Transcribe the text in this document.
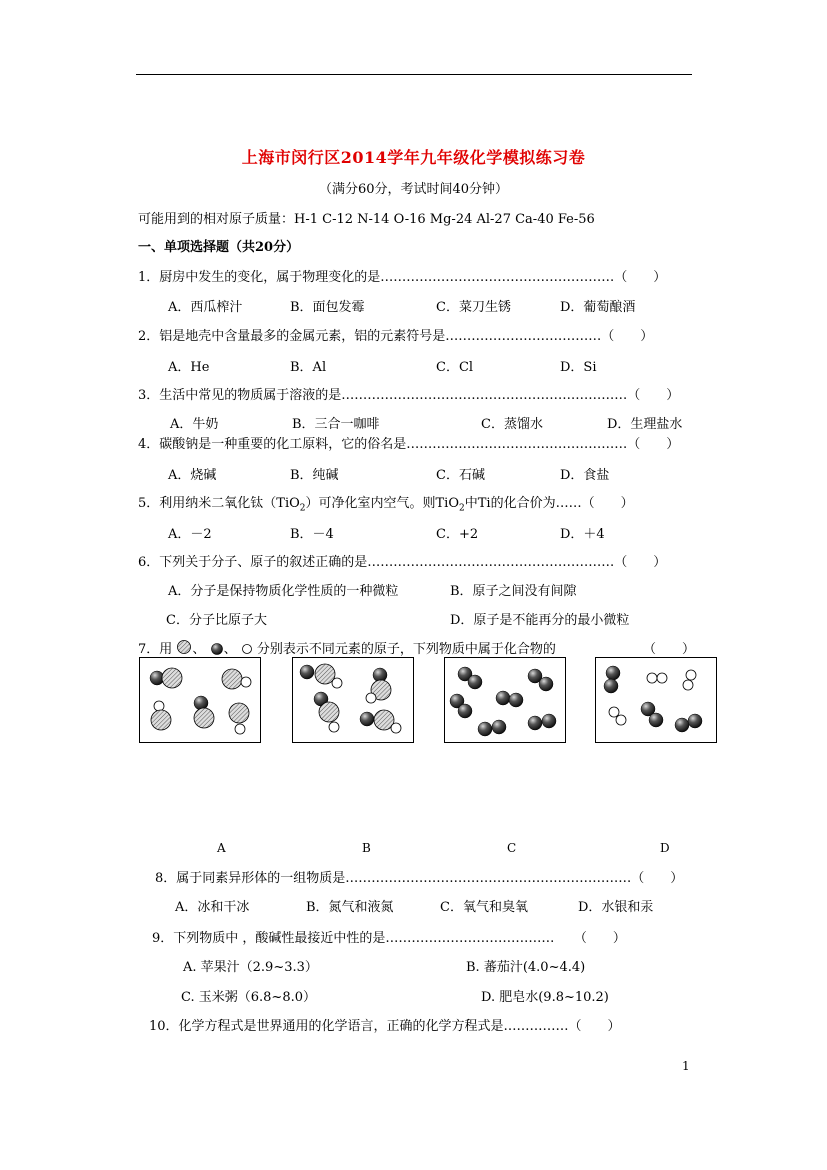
上海市闵行区2014学年九年级化学模拟练习卷
（满分60分，考试时间40分钟）
可能用到的相对原子质量：H-1 C-12 N-14 O-16 Mg-24 Al-27 Ca-40 Fe-56
一、单项选择题（共20分）
1．厨房中发生的变化，属于物理变化的是………………………………………………（　　）
A．西瓜榨汁	B．面包发霉	C．菜刀生锈	D．葡萄酿酒
2．铝是地壳中含量最多的金属元素，铝的元素符号是………………………………（　　）
A．He	B．Al	C．Cl	D．Si
3．生活中常见的物质属于溶液的是…………………………………………………………（　　）
A．牛奶	B．三合一咖啡	C．蒸馏水	D．生理盐水
4．碳酸钠是一种重要的化工原料，它的俗名是……………………………………………（　　）
A．烧碱	B．纯碱	C．石碱	D．食盐
5．利用纳米二氧化钛（TiO$_2$）可净化室内空气。则TiO$_2$中Ti的化合价为……（　　）
A．－2	B．－4	C．+2	D．＋4
6．下列关于分子、原子的叙述正确的是…………………………………………………（　　）
A．分子是保持物质化学性质的一种微粒	B．原子之间没有间隙
C．分子比原子大	D．原子是不能再分的最小微粒
7．用 、 、 分别表示不同元素的原子，下列物质中属于化合物的	（　　）
A	B	C	D
8．属于同素异形体的一组物质是…………………………………………………………（　　）
A．冰和干冰	B．氮气和液氮	C．氧气和臭氧	D．水银和汞
9．下列物质中 ，酸碱性最接近中性的是…………………………………　　（　　）
A. 苹果汁（2.9~3.3）	B. 蕃茄汁(4.0~4.4)
C. 玉米粥（6.8~8.0）	D. 肥皂水(9.8~10.2)
10．化学方程式是世界通用的化学语言，正确的化学方程式是……………（　　）
1
